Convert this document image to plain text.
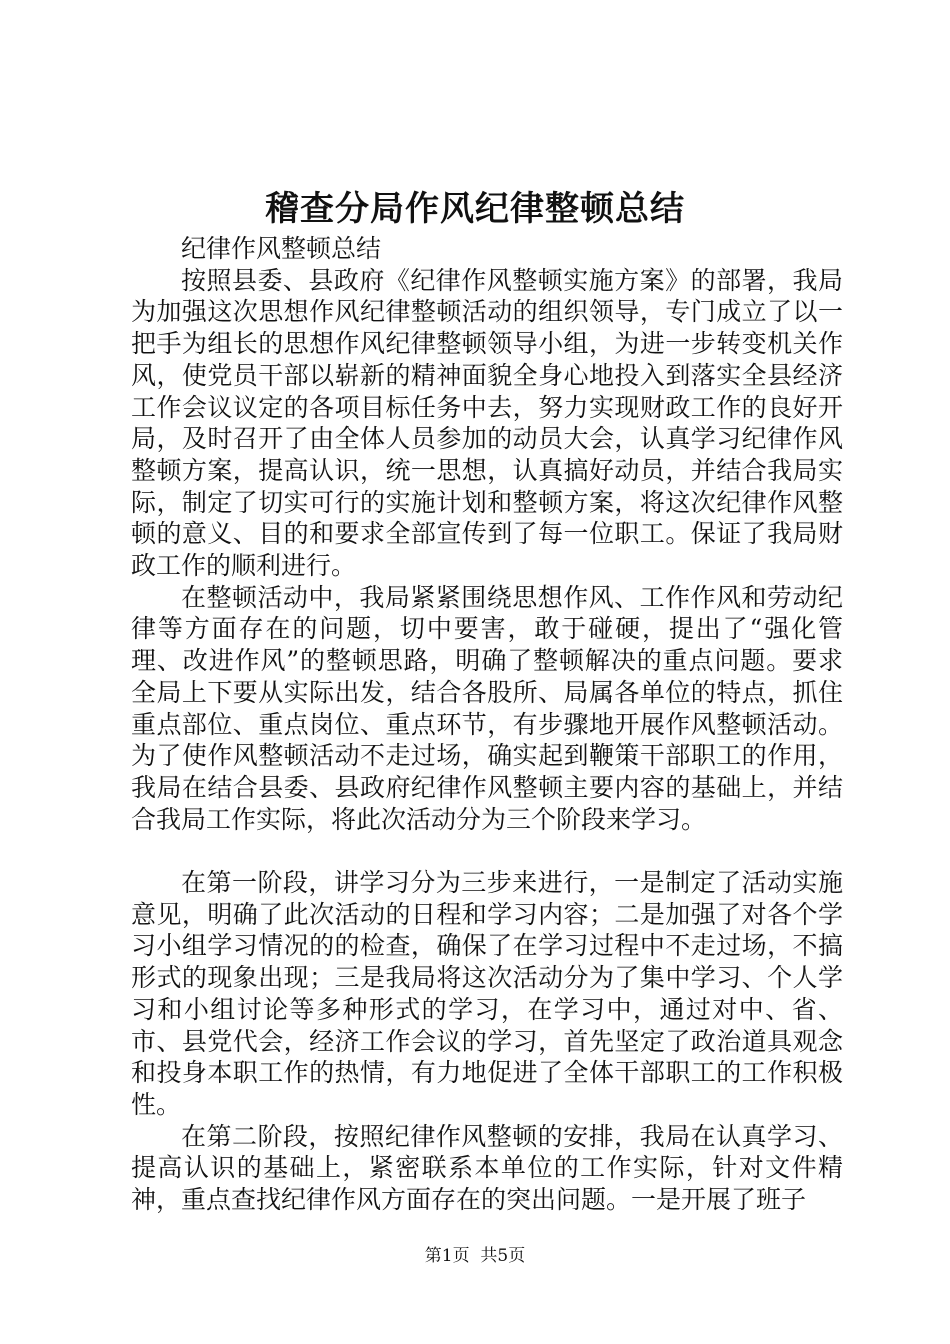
稽查分局作风纪律整顿总结

纪律作风整顿总结

按照县委、县政府《纪律作风整顿实施方案》的部署，我局为加强这次思想作风纪律整顿活动的组织领导，专门成立了以一把手为组长的思想作风纪律整顿领导小组，为进一步转变机关作风，使党员干部以崭新的精神面貌全身心地投入到落实全县经济工作会议议定的各项目标任务中去，努力实现财政工作的良好开局，及时召开了由全体人员参加的动员大会，认真学习纪律作风整顿方案，提高认识，统一思想，认真搞好动员，并结合我局实际，制定了切实可行的实施计划和整顿方案，将这次纪律作风整顿的意义、目的和要求全部宣传到了每一位职工。保证了我局财政工作的顺利进行。

在整顿活动中，我局紧紧围绕思想作风、工作作风和劳动纪律等方面存在的问题，切中要害，敢于碰硬，提出了“强化管理、改进作风”的整顿思路，明确了整顿解决的重点问题。要求全局上下要从实际出发，结合各股所、局属各单位的特点，抓住重点部位、重点岗位、重点环节，有步骤地开展作风整顿活动。为了使作风整顿活动不走过场，确实起到鞭策干部职工的作用，我局在结合县委、县政府纪律作风整顿主要内容的基础上，并结合我局工作实际，将此次活动分为三个阶段来学习。

在第一阶段，讲学习分为三步来进行，一是制定了活动实施意见，明确了此次活动的日程和学习内容；二是加强了对各个学习小组学习情况的的检查，确保了在学习过程中不走过场，不搞形式的现象出现；三是我局将这次活动分为了集中学习、个人学习和小组讨论等多种形式的学习，在学习中，通过对中、省、市、县党代会，经济工作会议的学习，首先坚定了政治道具观念和投身本职工作的热情，有力地促进了全体干部职工的工作积极性。

在第二阶段，按照纪律作风整顿的安排，我局在认真学习、提高认识的基础上，紧密联系本单位的工作实际，针对文件精神，重点查找纪律作风方面存在的突出问题。一是开展了班子

第1页  共5页
